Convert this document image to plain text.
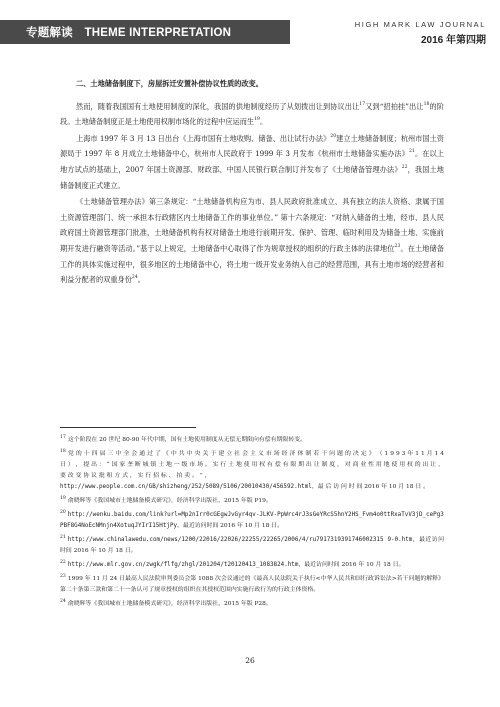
专题解读　THEME INTERPRETATION
HIGH MARK LAW JOURNAL
2016 年第四期

二、土地储备制度下，房屋拆迁安置补偿协议性质的改变。

然而，随着我国国有土地使用制度的深化，我国的供地制度经历了从划拨出让到协议出让$^{17}$又到“招拍挂”出让$^{18}$的阶段。土地储备制度正是土地使用权制市场化的过程中应运而生$^{19}$。

上海市 1997 年 3 月 13 日出台《上海市国有土地收购、储备、出让试行办法》$^{20}$建立土地储备制度；杭州市国土资源局于 1997 年 8 月成立土地储备中心，杭州市人民政府于 1999 年 3 月发布《杭州市土地储备实施办法》$^{21}$。在以上地方试点的基础上，2007 年国土资源部、财政部、中国人民银行联合制订并发布了《土地储备管理办法》$^{22}$，我国土地储备制度正式建立。

《土地储备管理办法》第三条规定：“土地储备机构应为市、县人民政府批准成立、具有独立的法人资格、隶属于国土资源管理部门、统一承担本行政辖区内土地储备工作的事业单位。” 第十六条规定：“对纳入储备的土地，经市、县人民政府国土资源管理部门批准，土地储备机构有权对储备土地进行前期开发、保护、管理、临时利用及为储备土地、实施前期开发进行融资等活动。”基于以上规定，土地储备中心取得了作为规章授权的组织的行政主体的法律地位$^{23}$。在土地储备工作的具体实施过程中，很多地区的土地储备中心，将土地一级开发业务纳入自己的经营范围，具有土地市场的经营者和利益分配者的双重身份$^{24}$。

$^{17}$ 这个阶段在 20 世纪 80-90 年代中期，国有土地使用制度从无偿无期限向有偿有期限转变。

$^{18}$ 党 的 十 四 届 三 中 全 会 通 过 了 《 中 共 中 央 关 于 建 立 社 会 主 义 市 场 经 济 体 制 若 干 问 题 的 决 定 》 （ 1 9 9 3 年 1 1 月 1 4 日 ） ， 提 出 ： “ 国 家 垄 断 城 镇 土 地 一 级 市 场 。 实 行 土 地 使 用 权 有 偿 有 限 期 出 让 制 度 ， 对 商 业 性 用 地 使 用 权 的 出 让 ， 要 改 变 协 议 批 租 方 式 ， 实 行 招 标 、 拍 卖 。 ” ，
http://www.people.com.cn/GB/shizheng/252/5089/5106/20010430/456592.html，最 后 访 问 时 间 2016 年 10 月 18 日 。

$^{19}$ 俞晓辉等《我国城市土地储备模式研究》，经济科学出版社，2015 年版 P19。

$^{20}$ http://wenku.baidu.com/link?url=Mp2nIrr0cGEgwJvGyr4qv-JLKV-PpWrc4rJ3sGeYRcS5hnY2HS_Fvm4o0ttRxaTvV3jD_cePg3PBF8G4NoEcNMnjn4XotuqJYIrI15HtjPy，最近访问时间 2016 年 10 月 18 日。

$^{21}$ http://www.chinalawedu.com/news/1200/22016/22026/22255/22265/2006/4/ru7917319391746002315 9-0.htm，最近访问时间 2016 年 10 月 18 日。

$^{22}$ http://www.mlr.gov.cn/zwgk/flfg/zhgl/201204/t20120413_1083824.htm，最近访问时间 2016 年 10 月 18 日。

$^{23}$ 1999 年 11 月 24 日最高人民法院审判委员会第 1088 次会议通过的《最高人民法院关于执行<中华人民共和国行政诉讼法>若干问题的解释》第二十条第三款和第二十一条认可了规章授权的组织在其授权范围内实施行政行为的行政主体资格。

$^{24}$ 俞晓辉等《我国城市土地储备模式研究》，经济科学出版社，2015 年版 P28。

26
